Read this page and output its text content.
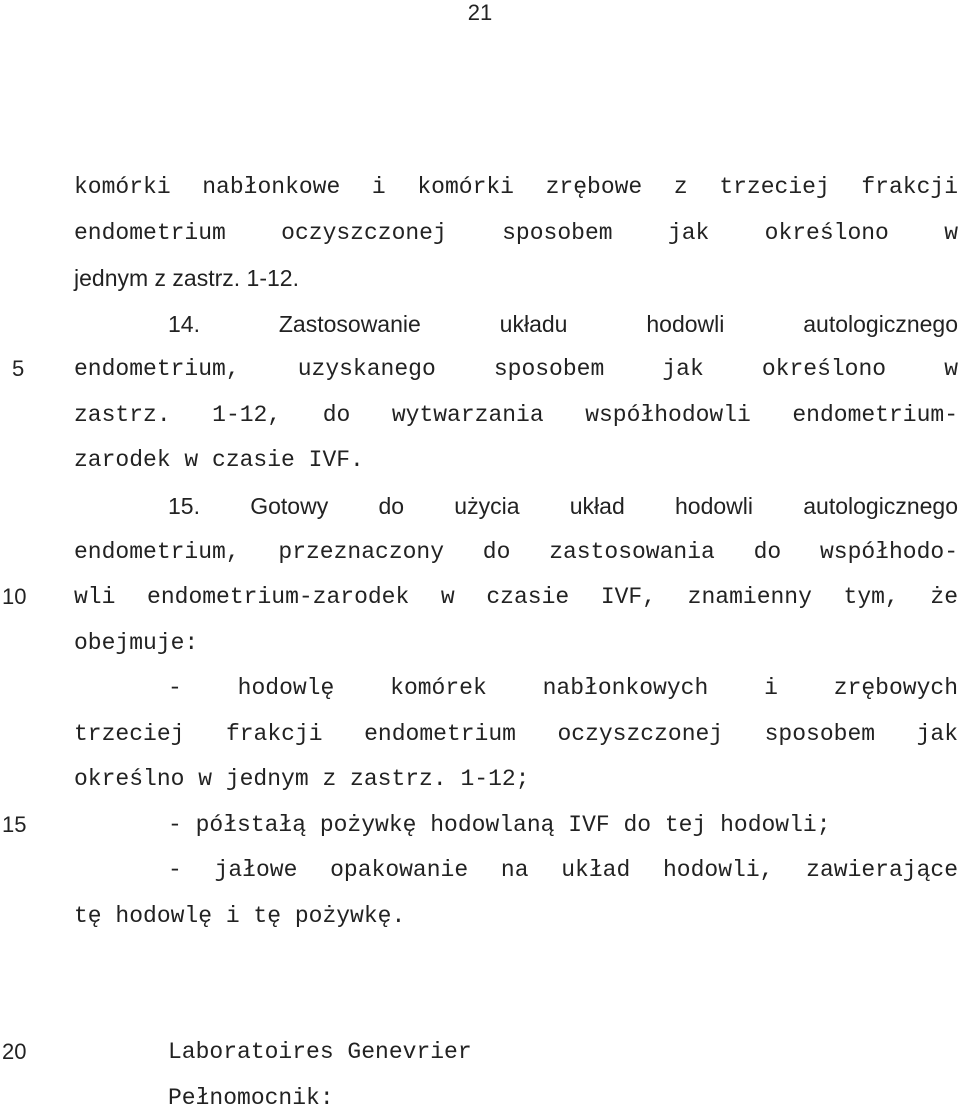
21
komórki nabłonkowe i komórki zrębowe z trzeciej frakcji
endometrium oczyszczonej sposobem jak określono w
jednym z zastrz. 1-12.
14. Zastosowanie układu hodowli autologicznego
endometrium, uzyskanego sposobem jak określono w
zastrz. 1-12, do wytwarzania współhodowli endometrium-
zarodek w czasie IVF.
15. Gotowy do użycia układ hodowli autologicznego
endometrium, przeznaczony do zastosowania do współhodo-
wli endometrium-zarodek w czasie IVF, znamienny tym, że
obejmuje:
- hodowlę komórek nabłonkowych i zrębowych
trzeciej frakcji endometrium oczyszczonej sposobem jak
określno w jednym z zastrz. 1-12;
- półstałą pożywkę hodowlaną IVF do tej hodowli;
- jałowe opakowanie na układ hodowli, zawierające
tę hodowlę i tę pożywkę.
Laboratoires Genevrier
Pełnomocnik:
5
10
15
20
